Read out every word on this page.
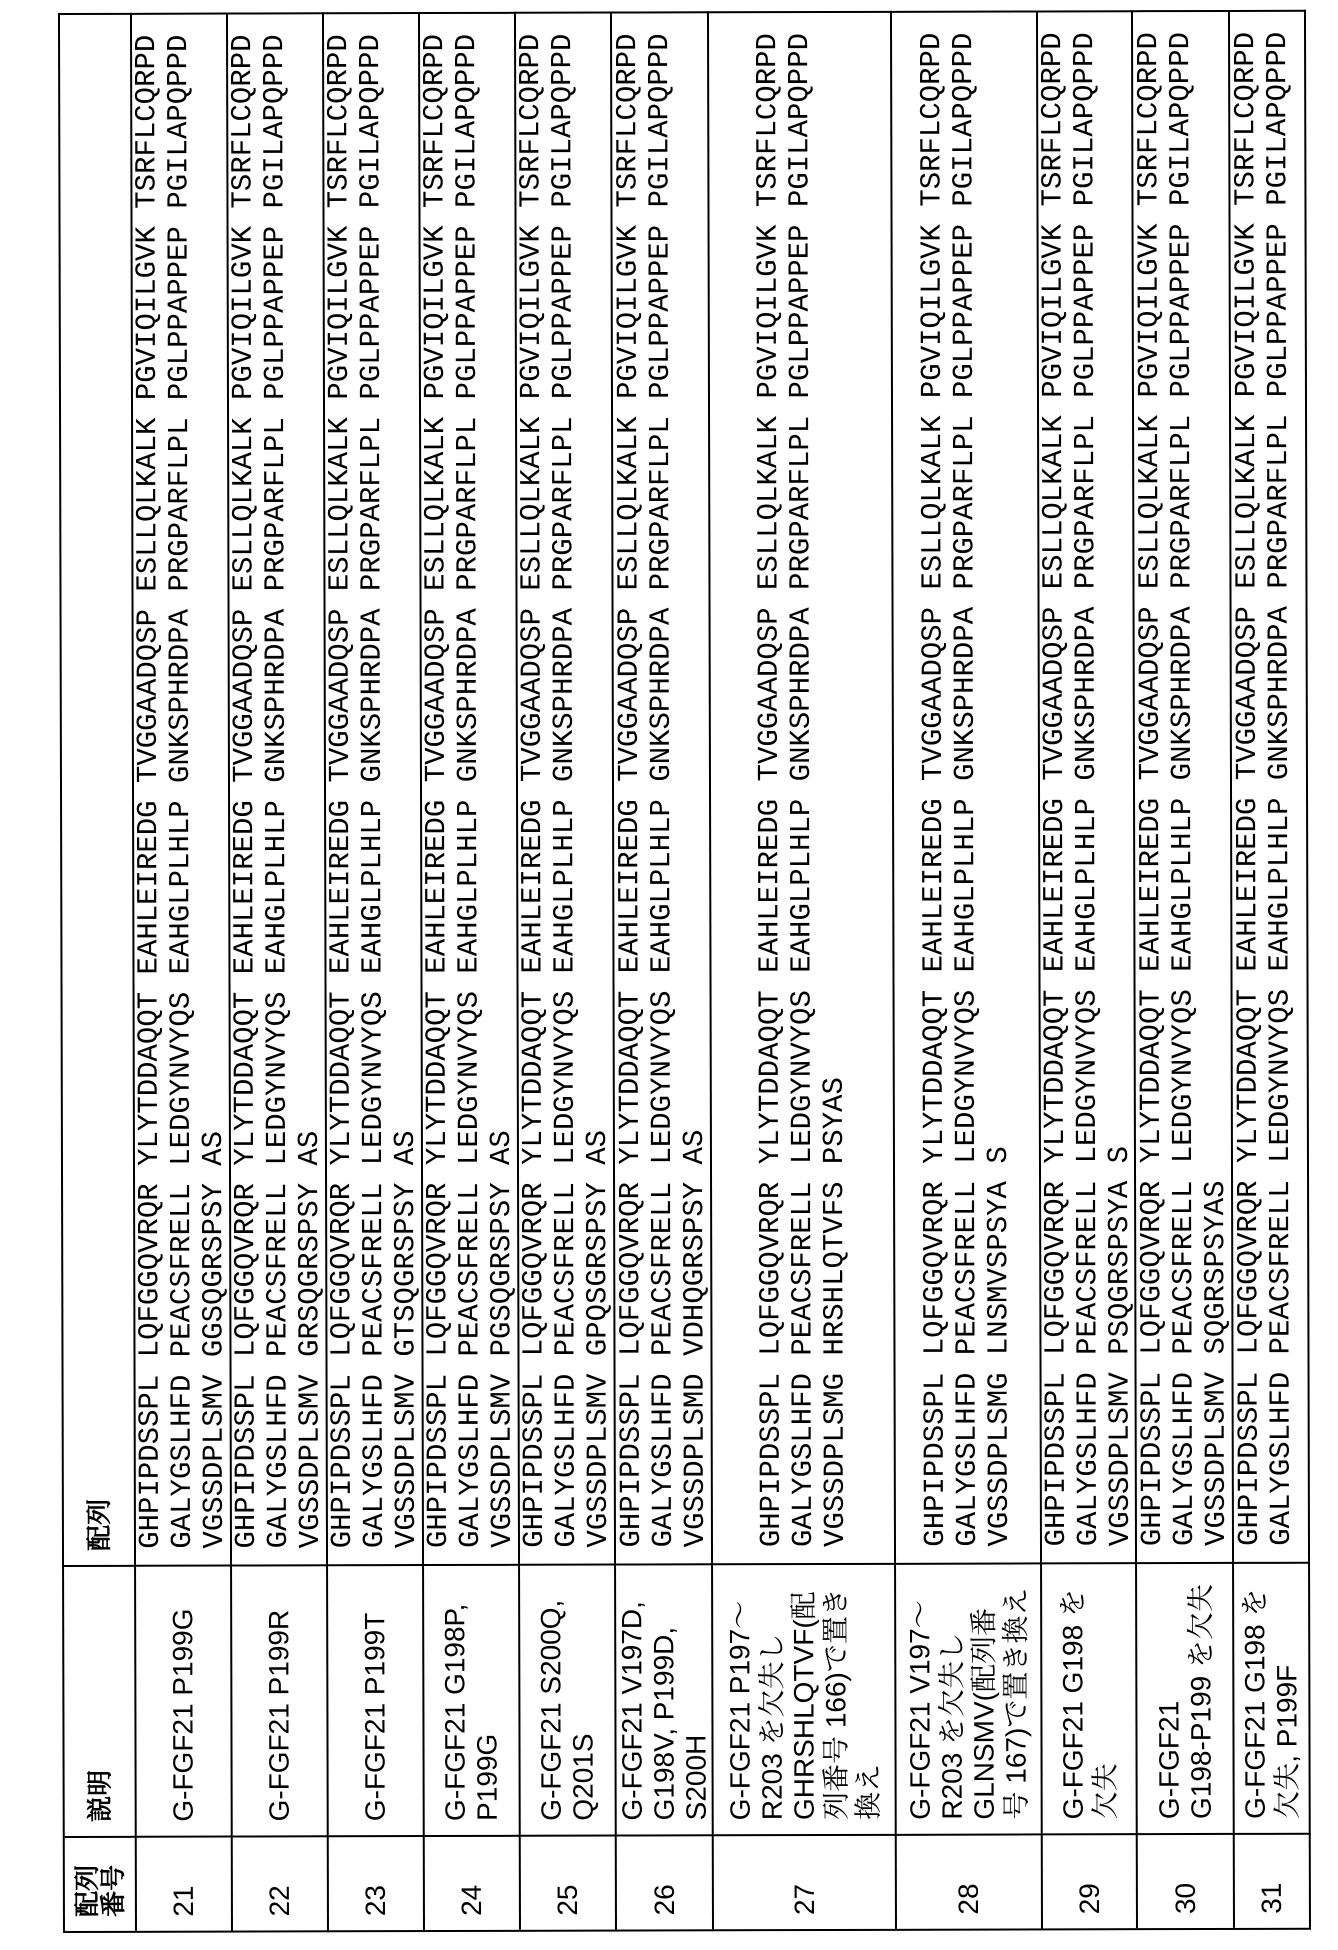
配列
番号
説明
配列
21
G-FGF21 P199G
GHPIPDSSPL LQFGGQVRQR YLYTDDAQQT EAHLEIREDG TVGGAADQSP ESLLQLKALK PGVIQILGVK TSRFLCQRPD
GALYGSLHFD PEACSFRELL LEDGYNVYQS EAHGLPLHLP GNKSPHRDPA PRGPARFLPL PGLPPAPPEP PGILAPQPPD
VGSSDPLSMV GGSQGRSPSY AS
22
G-FGF21 P199R
GHPIPDSSPL LQFGGQVRQR YLYTDDAQQT EAHLEIREDG TVGGAADQSP ESLLQLKALK PGVIQILGVK TSRFLCQRPD
GALYGSLHFD PEACSFRELL LEDGYNVYQS EAHGLPLHLP GNKSPHRDPA PRGPARFLPL PGLPPAPPEP PGILAPQPPD
VGSSDPLSMV GRSQGRSPSY AS
23
G-FGF21 P199T
GHPIPDSSPL LQFGGQVRQR YLYTDDAQQT EAHLEIREDG TVGGAADQSP ESLLQLKALK PGVIQILGVK TSRFLCQRPD
GALYGSLHFD PEACSFRELL LEDGYNVYQS EAHGLPLHLP GNKSPHRDPA PRGPARFLPL PGLPPAPPEP PGILAPQPPD
VGSSDPLSMV GTSQGRSPSY AS
24
G-FGF21 G198P, P199G
GHPIPDSSPL LQFGGQVRQR YLYTDDAQQT EAHLEIREDG TVGGAADQSP ESLLQLKALK PGVIQILGVK TSRFLCQRPD
GALYGSLHFD PEACSFRELL LEDGYNVYQS EAHGLPLHLP GNKSPHRDPA PRGPARFLPL PGLPPAPPEP PGILAPQPPD
VGSSDPLSMV PGSQGRSPSY AS
25
G-FGF21 S200Q, Q201S
GHPIPDSSPL LQFGGQVRQR YLYTDDAQQT EAHLEIREDG TVGGAADQSP ESLLQLKALK PGVIQILGVK TSRFLCQRPD
GALYGSLHFD PEACSFRELL LEDGYNVYQS EAHGLPLHLP GNKSPHRDPA PRGPARFLPL PGLPPAPPEP PGILAPQPPD
VGSSDPLSMV GPQSGRSPSY AS
26
G-FGF21 V197D, G198V, P199D, S200H
GHPIPDSSPL LQFGGQVRQR YLYTDDAQQT EAHLEIREDG TVGGAADQSP ESLLQLKALK PGVIQILGVK TSRFLCQRPD
GALYGSLHFD PEACSFRELL LEDGYNVYQS EAHGLPLHLP GNKSPHRDPA PRGPARFLPL PGLPPAPPEP PGILAPQPPD
VGSSDPLSMD VDHQGRSPSY AS
27
G-FGF21 P197～ R203 を欠失し GHRSHLQTVF(配 列番号 166)で置き 換え
GHPIPDSSPL LQFGGQVRQR YLYTDDAQQT EAHLEIREDG TVGGAADQSP ESLLQLKALK PGVIQILGVK TSRFLCQRPD
GALYGSLHFD PEACSFRELL LEDGYNVYQS EAHGLPLHLP GNKSPHRDPA PRGPARFLPL PGLPPAPPEP PGILAPQPPD
VGSSDPLSMG HRSHLQTVFS PSYAS
28
G-FGF21 V197～ R203 を欠失し GLNSMV(配列番 号 167)で置き換え
GHPIPDSSPL LQFGGQVRQR YLYTDDAQQT EAHLEIREDG TVGGAADQSP ESLLQLKALK PGVIQILGVK TSRFLCQRPD
GALYGSLHFD PEACSFRELL LEDGYNVYQS EAHGLPLHLP GNKSPHRDPA PRGPARFLPL PGLPPAPPEP PGILAPQPPD
VGSSDPLSMG LNSMVSPSYA S
29
G-FGF21 G198 を 欠失
GHPIPDSSPL LQFGGQVRQR YLYTDDAQQT EAHLEIREDG TVGGAADQSP ESLLQLKALK PGVIQILGVK TSRFLCQRPD
GALYGSLHFD PEACSFRELL LEDGYNVYQS EAHGLPLHLP GNKSPHRDPA PRGPARFLPL PGLPPAPPEP PGILAPQPPD
VGSSDPLSMV PSQGRSPSYA S
30
G-FGF21 G198-P199 を欠失
GHPIPDSSPL LQFGGQVRQR YLYTDDAQQT EAHLEIREDG TVGGAADQSP ESLLQLKALK PGVIQILGVK TSRFLCQRPD
GALYGSLHFD PEACSFRELL LEDGYNVYQS EAHGLPLHLP GNKSPHRDPA PRGPARFLPL PGLPPAPPEP PGILAPQPPD
VGSSDPLSMV SQGRSPSYAS
31
G-FGF21 G198 を 欠失, P199F
GHPIPDSSPL LQFGGQVRQR YLYTDDAQQT EAHLEIREDG TVGGAADQSP ESLLQLKALK PGVIQILGVK TSRFLCQRPD
GALYGSLHFD PEACSFRELL LEDGYNVYQS EAHGLPLHLP GNKSPHRDPA PRGPARFLPL PGLPPAPPEP PGILAPQPPD
